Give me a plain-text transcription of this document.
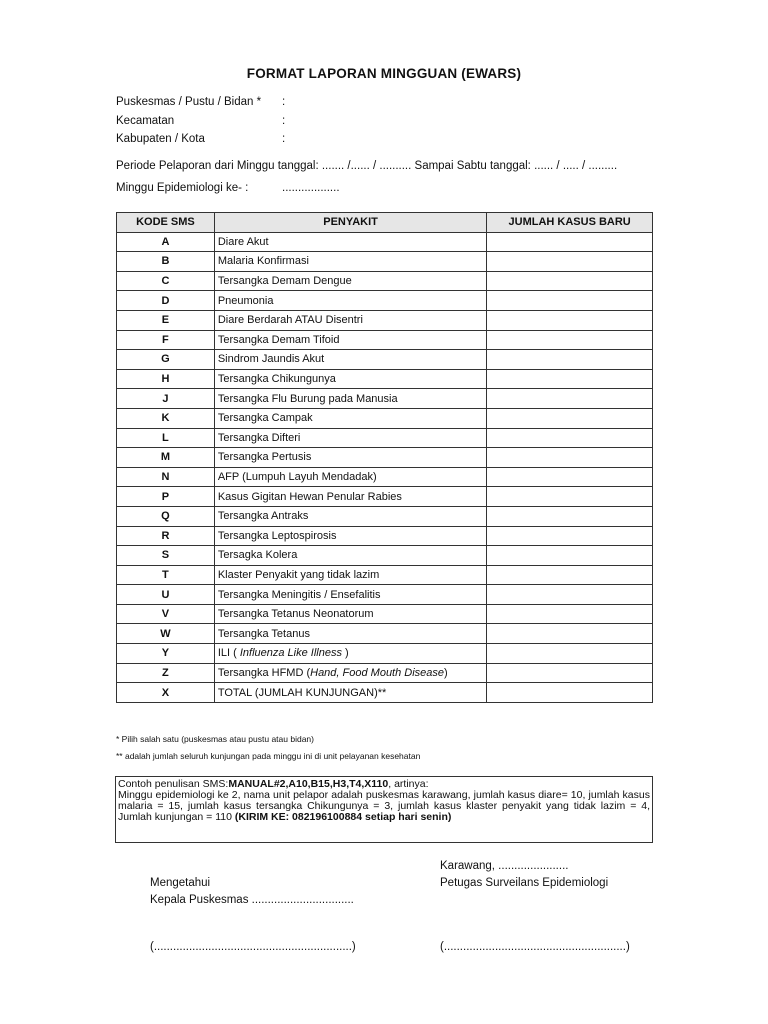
FORMAT LAPORAN MINGGUAN (EWARS)
Puskesmas / Pustu / Bidan * :
Kecamatan	:
Kabupaten / Kota	:
Periode Pelaporan dari Minggu tanggal: ....... /...... / .......... Sampai Sabtu tanggal: ...... / ..... / .........
Minggu Epidemiologi ke- :	..................
KODE SMS	PENYAKIT	JUMLAH KASUS BARU
A	Diare Akut	
B	Malaria Konfirmasi	
C	Tersangka Demam Dengue	
D	Pneumonia	
E	Diare Berdarah ATAU Disentri	
F	Tersangka Demam Tifoid	
G	Sindrom Jaundis Akut	
H	Tersangka Chikungunya	
J	Tersangka Flu Burung pada Manusia	
K	Tersangka Campak	
L	Tersangka Difteri	
M	Tersangka Pertusis	
N	AFP (Lumpuh Layuh Mendadak)	
P	Kasus Gigitan Hewan Penular Rabies	
Q	Tersangka Antraks	
R	Tersangka Leptospirosis	
S	Tersagka Kolera	
T	Klaster Penyakit yang tidak lazim	
U	Tersangka Meningitis / Ensefalitis	
V	Tersangka Tetanus Neonatorum	
W	Tersangka Tetanus	
Y	ILI ( Influenza Like Illness )	
Z	Tersangka HFMD (Hand, Food Mouth Disease)	
X	TOTAL (JUMLAH KUNJUNGAN)**	
* Pilih salah satu (puskesmas atau pustu atau bidan)
** adalah jumlah seluruh kunjungan pada minggu ini di unit pelayanan kesehatan
Contoh penulisan SMS:MANUAL#2,A10,B15,H3,T4,X110, artinya:
Minggu epidemiologi ke 2, nama unit pelapor adalah puskesmas karawang, jumlah kasus diare= 10, jumlah kasus malaria = 15, jumlah kasus tersangka Chikungunya = 3, jumlah kasus klaster penyakit yang tidak lazim = 4, Jumlah kunjungan = 110 (KIRIM KE: 082196100884 setiap hari senin)
Karawang, ......................
Mengetahui	Petugas Surveilans Epidemiologi
Kepala Puskesmas ................................
(..............................................................)	(.........................................................)
